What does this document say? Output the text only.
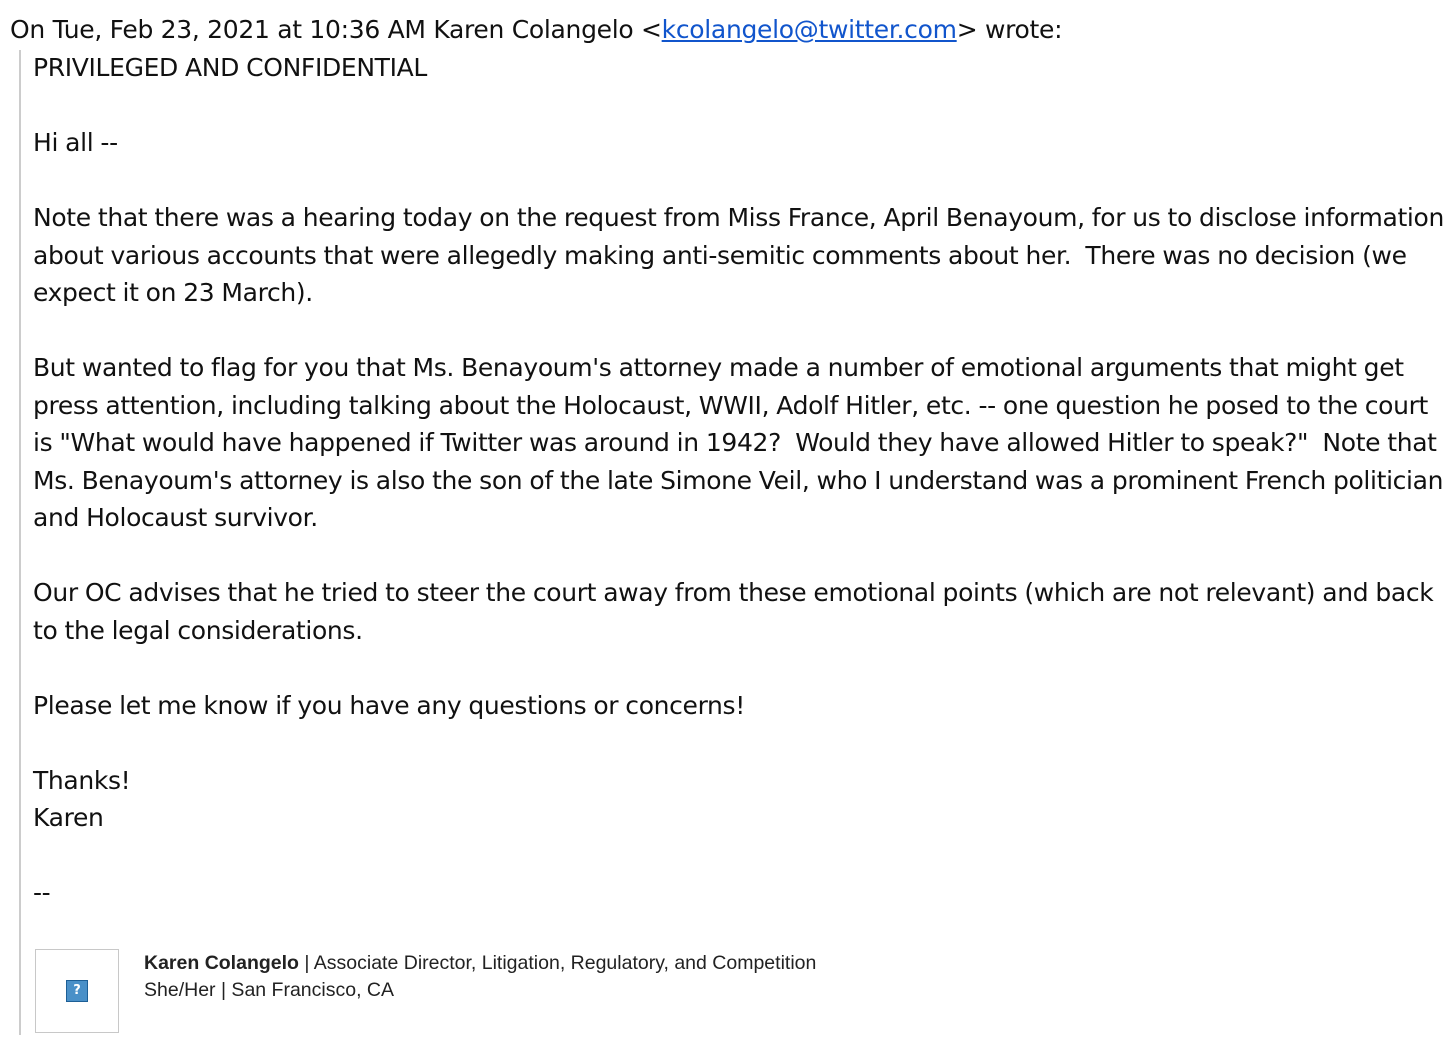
On Tue, Feb 23, 2021 at 10:36 AM Karen Colangelo <kcolangelo@twitter.com> wrote:

PRIVILEGED AND CONFIDENTIAL

Hi all --

Note that there was a hearing today on the request from Miss France, April Benayoum, for us to disclose information about various accounts that were allegedly making anti-semitic comments about her.  There was no decision (we expect it on 23 March).

But wanted to flag for you that Ms. Benayoum's attorney made a number of emotional arguments that might get press attention, including talking about the Holocaust, WWII, Adolf Hitler, etc. -- one question he posed to the court is "What would have happened if Twitter was around in 1942?  Would they have allowed Hitler to speak?"  Note that Ms. Benayoum's attorney is also the son of the late Simone Veil, who I understand was a prominent French politician and Holocaust survivor.

Our OC advises that he tried to steer the court away from these emotional points (which are not relevant) and back to the legal considerations.

Please let me know if you have any questions or concerns!

Thanks!

Karen

--

?
Karen Colangelo | Associate Director, Litigation, Regulatory, and Competition
She/Her | San Francisco, CA
